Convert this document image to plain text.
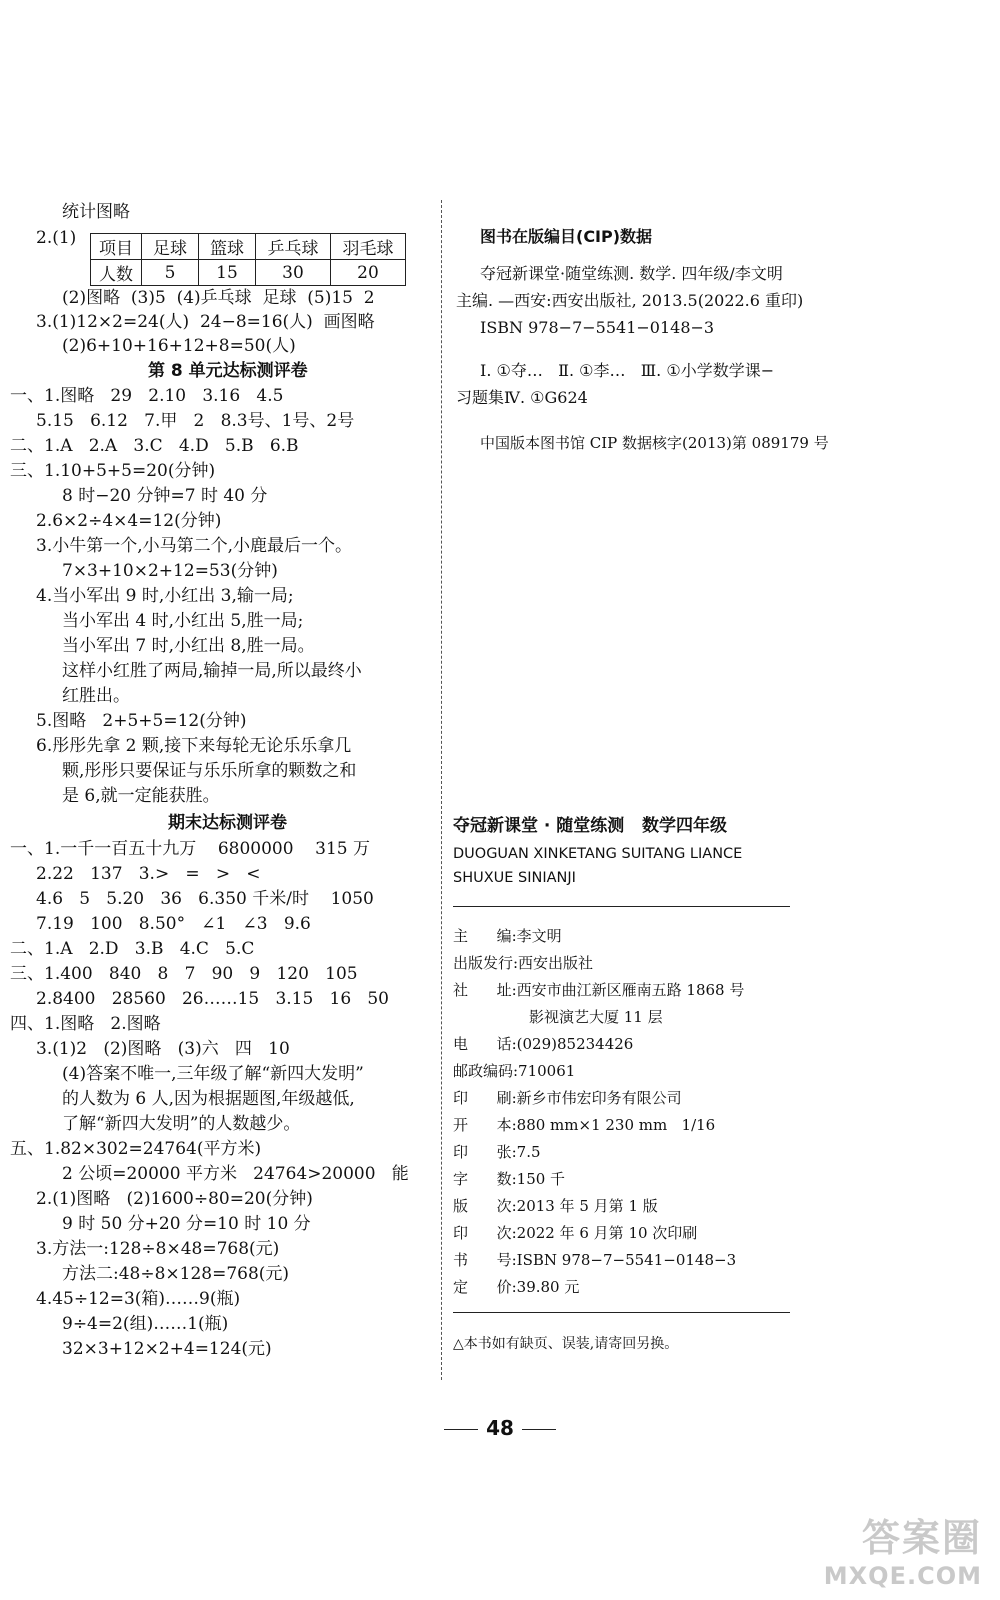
统计图略
2.(1)
项目	足球	篮球	乒乓球	羽毛球
人数	5	15	30	20
(2)图略  (3)5  (4)乒乓球  足球  (5)15  2
3.(1)12×2=24(人)  24−8=16(人)  画图略
(2)6+10+16+12+8=50(人)
第 8 单元达标测评卷
一、1.图略   29   2.10   3.16   4.5
5.15   6.12   7.甲   2   8.3号、1号、2号
二、1.A   2.A   3.C   4.D   5.B   6.B
三、1.10+5+5=20(分钟)
8 时−20 分钟=7 时 40 分
2.6×2÷4×4=12(分钟)
3.小牛第一个,小马第二个,小鹿最后一个。
7×3+10×2+12=53(分钟)
4.当小军出 9 时,小红出 3,输一局;
当小军出 4 时,小红出 5,胜一局;
当小军出 7 时,小红出 8,胜一局。
这样小红胜了两局,输掉一局,所以最终小
红胜出。
5.图略   2+5+5=12(分钟)
6.彤彤先拿 2 颗,接下来每轮无论乐乐拿几
颗,彤彤只要保证与乐乐所拿的颗数之和
是 6,就一定能获胜。
期末达标测评卷
一、1.一千一百五十九万    6800000    315 万
2.22   137   3.>   =   >   <
4.6   5   5.20   36   6.350 千米/时    1050
7.19   100   8.50°   ∠1   ∠3   9.6
二、1.A   2.D   3.B   4.C   5.C
三、1.400   840   8   7   90   9   120   105
2.8400   28560   26……15   3.15   16   50
四、1.图略   2.图略
3.(1)2   (2)图略   (3)六   四   10
(4)答案不唯一,三年级了解“新四大发明”
的人数为 6 人,因为根据题图,年级越低,
了解“新四大发明”的人数越少。
五、1.82×302=24764(平方米)
2 公顷=20000 平方米   24764>20000   能
2.(1)图略   (2)1600÷80=20(分钟)
9 时 50 分+20 分=10 时 10 分
3.方法一:128÷8×48=768(元)
方法二:48÷8×128=768(元)
4.45÷12=3(箱)……9(瓶)
9÷4=2(组)……1(瓶)
32×3+12×2+4=124(元)
图书在版编目(CIP)数据
夺冠新课堂·随堂练测. 数学. 四年级/李文明
主编. —西安:西安出版社, 2013.5(2022.6 重印)
ISBN 978−7−5541−0148−3
Ⅰ. ①夺…   Ⅱ. ①李…   Ⅲ. ①小学数学课−
习题集Ⅳ. ①G624
中国版本图书馆 CIP 数据核字(2013)第 089179 号
夺冠新课堂 · 随堂练测   数学四年级
DUOGUAN XINKETANG SUITANG LIANCE
SHUXUE SINIANJI
主      编:李文明
出版发行:西安出版社
社      址:西安市曲江新区雁南五路 1868 号
影视演艺大厦 11 层
电      话:(029)85234426
邮政编码:710061
印      刷:新乡市伟宏印务有限公司
开      本:880 mm×1 230 mm   1/16
印      张:7.5
字      数:150 千
版      次:2013 年 5 月第 1 版
印      次:2022 年 6 月第 10 次印刷
书      号:ISBN 978−7−5541−0148−3
定      价:39.80 元
△本书如有缺页、误装,请寄回另换。
48
答案圈
MXQE.COM
